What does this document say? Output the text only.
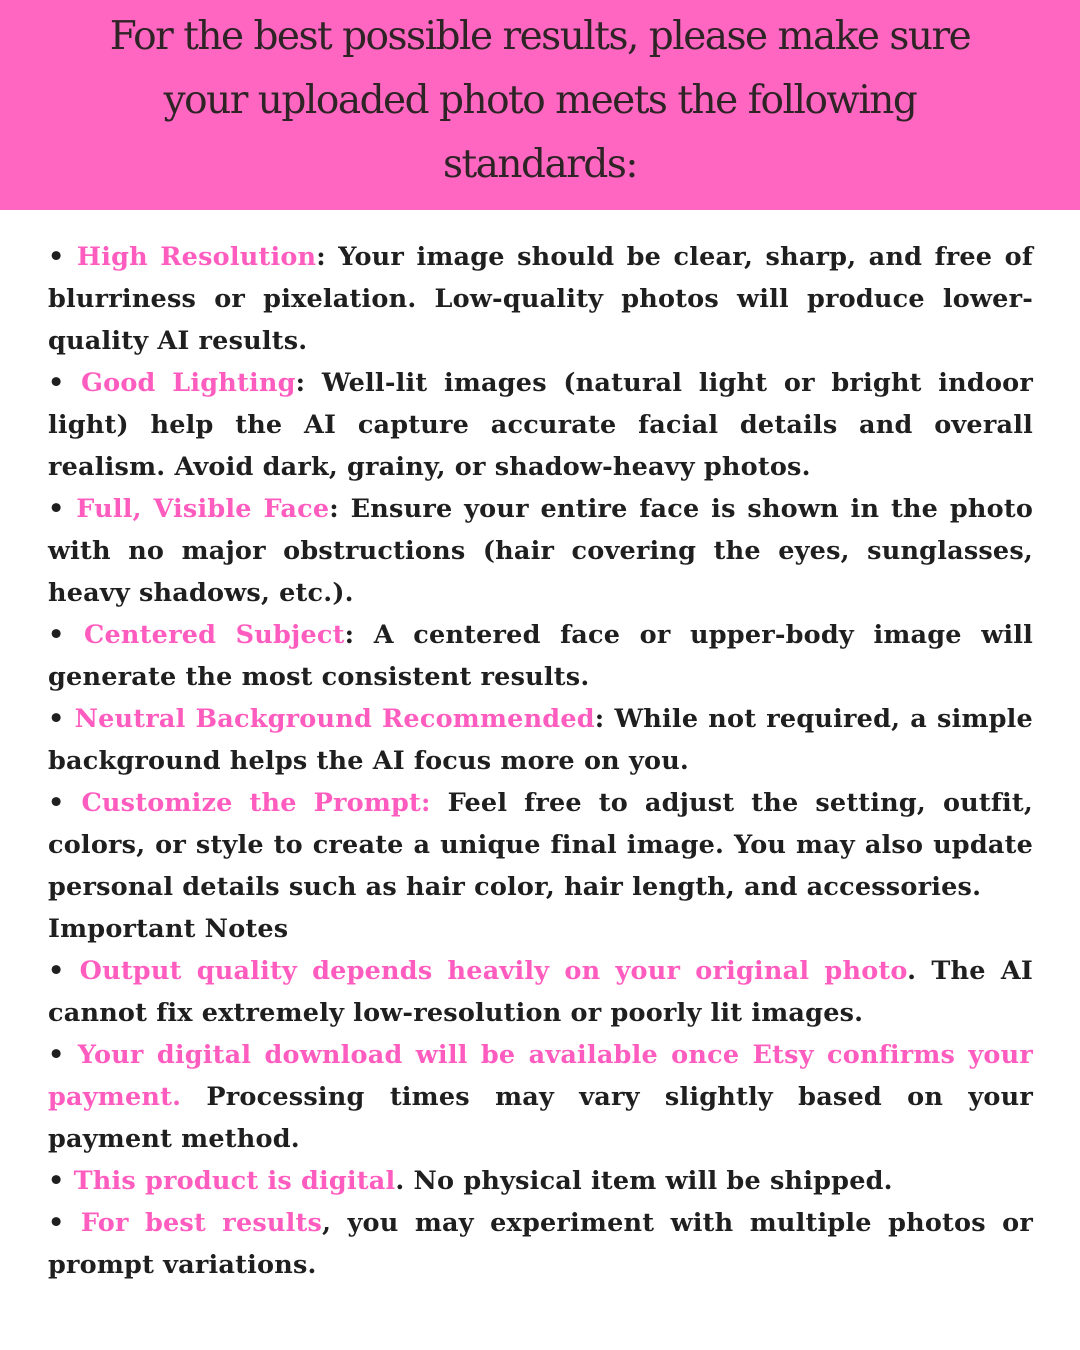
For the best possible results, please make sure your uploaded photo meets the following standards:

• High Resolution: Your image should be clear, sharp, and free of blurriness or pixelation. Low-quality photos will produce lower-quality AI results.

• Good Lighting: Well-lit images (natural light or bright indoor light) help the AI capture accurate facial details and overall realism. Avoid dark, grainy, or shadow-heavy photos.

• Full, Visible Face: Ensure your entire face is shown in the photo with no major obstructions (hair covering the eyes, sunglasses, heavy shadows, etc.).

• Centered Subject: A centered face or upper-body image will generate the most consistent results.

• Neutral Background Recommended: While not required, a simple background helps the AI focus more on you.

• Customize the Prompt: Feel free to adjust the setting, outfit, colors, or style to create a unique final image. You may also update personal details such as hair color, hair length, and accessories.

Important Notes

• Output quality depends heavily on your original photo. The AI cannot fix extremely low-resolution or poorly lit images.

• Your digital download will be available once Etsy confirms your payment. Processing times may vary slightly based on your payment method.

• This product is digital. No physical item will be shipped.

• For best results, you may experiment with multiple photos or prompt variations.
